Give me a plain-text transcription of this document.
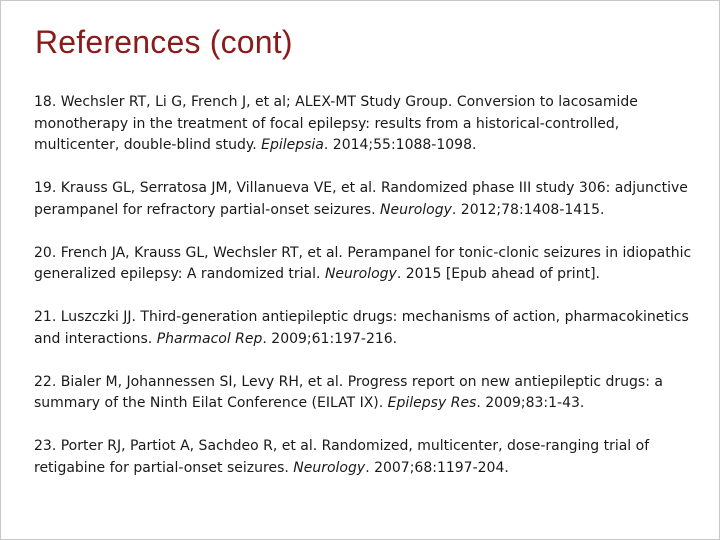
References (cont)
18. Wechsler RT, Li G, French J, et al; ALEX-MT Study Group. Conversion to lacosamide monotherapy in the treatment of focal epilepsy: results from a historical-controlled, multicenter, double-blind study. Epilepsia. 2014;55:1088-1098.
19. Krauss GL, Serratosa JM, Villanueva VE, et al. Randomized phase III study 306: adjunctive perampanel for refractory partial-onset seizures. Neurology. 2012;78:1408-1415.
20. French JA, Krauss GL, Wechsler RT, et al. Perampanel for tonic-clonic seizures in idiopathic generalized epilepsy: A randomized trial. Neurology. 2015 [Epub ahead of print].
21. Luszczki JJ. Third-generation antiepileptic drugs: mechanisms of action, pharmacokinetics and interactions. Pharmacol Rep. 2009;61:197-216.
22. Bialer M, Johannessen SI, Levy RH, et al. Progress report on new antiepileptic drugs: a summary of the Ninth Eilat Conference (EILAT IX). Epilepsy Res. 2009;83:1-43.
23. Porter RJ, Partiot A, Sachdeo R, et al. Randomized, multicenter, dose-ranging trial of retigabine for partial-onset seizures. Neurology. 2007;68:1197-204.
